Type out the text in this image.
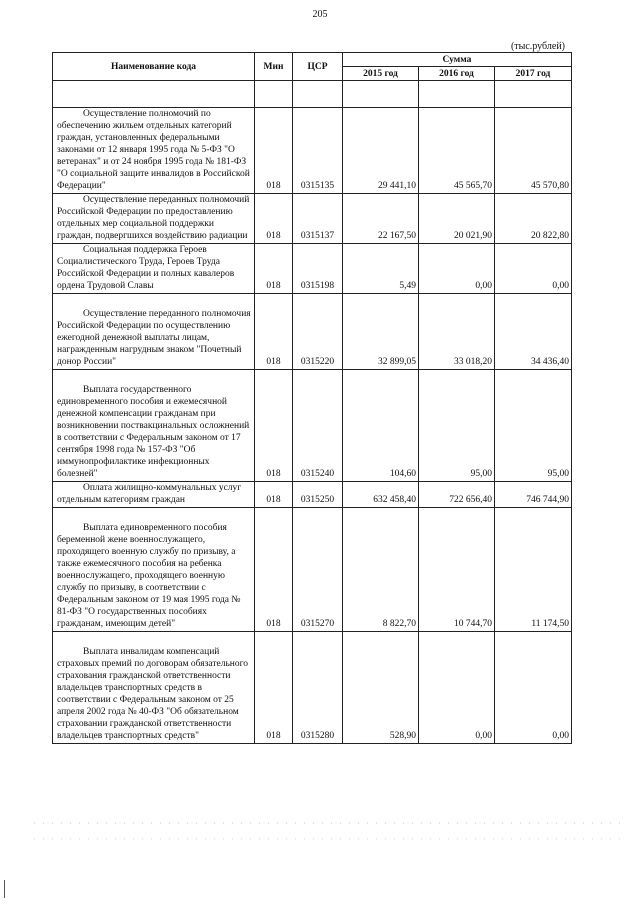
205
(тыс.рублей)
Наименование кода	Мин	ЦСР	Сумма		
			2015 год	2016 год	2017 год

Осуществление полномочий по обеспечению жильем отдельных категорий граждан, установленных федеральными законами от 12 января 1995 года № 5-ФЗ "О ветеранах" и от 24 ноября 1995 года № 181-ФЗ "О социальной защите инвалидов в Российской Федерации"	018	0315135	29 441,10	45 565,70	45 570,80
Осуществление переданных полномочий Российской Федерации по предоставлению отдельных мер социальной поддержки граждан, подвергшихся воздействию радиации	018	0315137	22 167,50	20 021,90	20 822,80
Социальная поддержка Героев Социалистического Труда, Героев Труда Российской Федерации и полных кавалеров ордена Трудовой Славы	018	0315198	5,49	0,00	0,00
Осуществление переданного полномочия Российской Федерации по осуществлению ежегодной денежной выплаты лицам, награжденным нагрудным знаком "Почетный донор России"	018	0315220	32 899,05	33 018,20	34 436,40
Выплата государственного единовременного пособия и ежемесячной денежной компенсации гражданам при возникновении поствакцинальных осложнений в соответствии с Федеральным законом от 17 сентября 1998 года № 157-ФЗ "Об иммунопрофилактике инфекционных болезней"	018	0315240	104,60	95,00	95,00
Оплата жилищно-коммунальных услуг отдельным категориям граждан	018	0315250	632 458,40	722 656,40	746 744,90
Выплата единовременного пособия беременной жене военнослужащего, проходящего военную службу по призыву, а также ежемесячного пособия на ребенка военнослужащего, проходящего военную службу по призыву, в соответствии с Федеральным законом от 19 мая 1995 года № 81-ФЗ "О государственных пособиях гражданам, имеющим детей"	018	0315270	8 822,70	10 744,70	11 174,50
Выплата инвалидам компенсаций страховых премий по договорам обязательного страхования гражданской ответственности владельцев транспортных средств в соответствии с Федеральным законом от 25 апреля 2002 года № 40-ФЗ "Об обязательном страховании гражданской ответственности владельцев транспортных средств"	018	0315280	528,90	0,00	0,00
